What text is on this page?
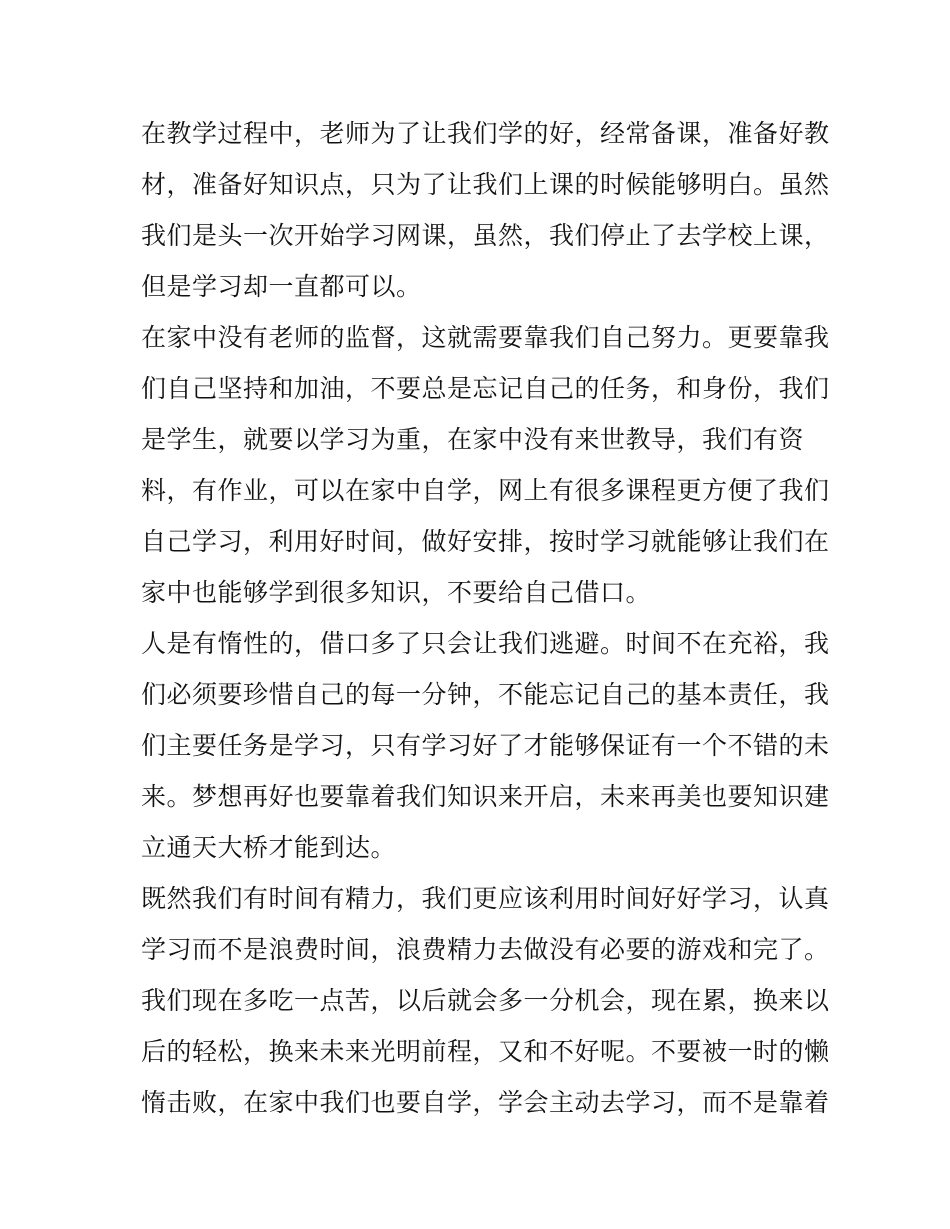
在教学过程中，老师为了让我们学的好，经常备课，准备好教
材，准备好知识点，只为了让我们上课的时候能够明白。虽然
我们是头一次开始学习网课，虽然，我们停止了去学校上课，
但是学习却一直都可以。
在家中没有老师的监督，这就需要靠我们自己努力。更要靠我
们自己坚持和加油，不要总是忘记自己的任务，和身份，我们
是学生，就要以学习为重，在家中没有来世教导，我们有资
料，有作业，可以在家中自学，网上有很多课程更方便了我们
自己学习，利用好时间，做好安排，按时学习就能够让我们在
家中也能够学到很多知识，不要给自己借口。
人是有惰性的，借口多了只会让我们逃避。时间不在充裕，我
们必须要珍惜自己的每一分钟，不能忘记自己的基本责任，我
们主要任务是学习，只有学习好了才能够保证有一个不错的未
来。梦想再好也要靠着我们知识来开启，未来再美也要知识建
立通天大桥才能到达。
既然我们有时间有精力，我们更应该利用时间好好学习，认真
学习而不是浪费时间，浪费精力去做没有必要的游戏和完了。
我们现在多吃一点苦，以后就会多一分机会，现在累，换来以
后的轻松，换来未来光明前程，又和不好呢。不要被一时的懒
惰击败，在家中我们也要自学，学会主动去学习，而不是靠着
